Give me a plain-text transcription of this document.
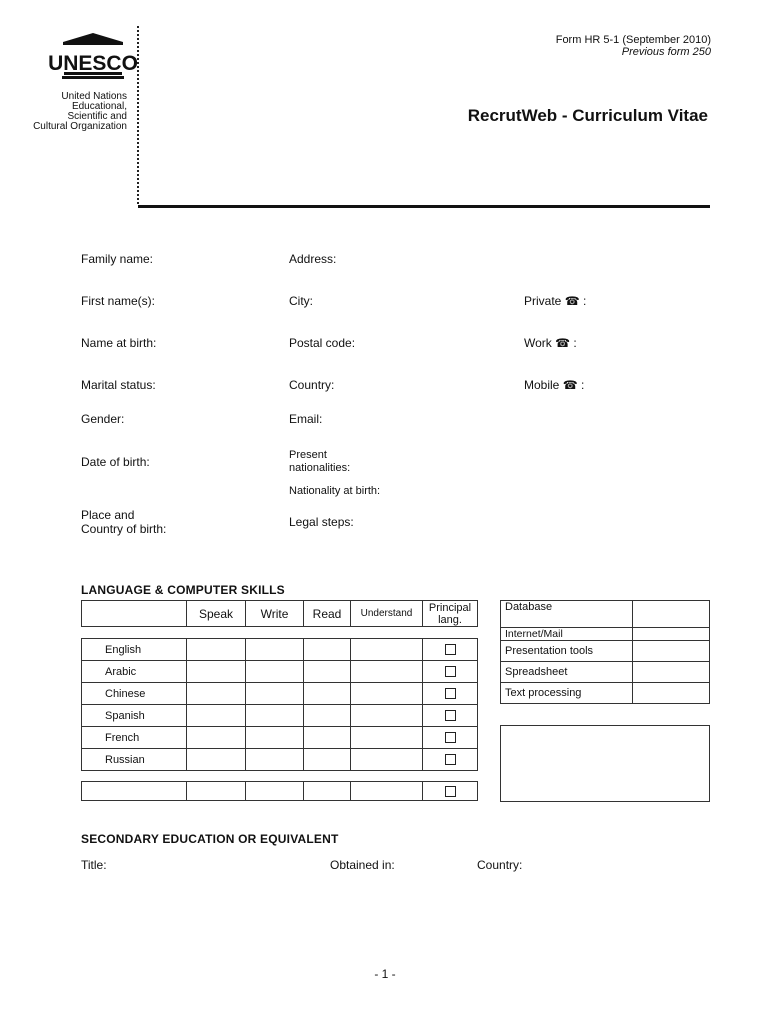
UNESCO
United Nations
Educational, Scientific and
Cultural Organization
Form HR 5-1 (September 2010)
Previous form 250
RecrutWeb - Curriculum Vitae
Family name:
First name(s):
Name at birth:
Marital status:
Gender:
Date of birth:
Place and
Country of birth:
Address:
City:
Postal code:
Country:
Email:
Present
nationalities:
Nationality at birth:
Legal steps:
Private ☎ :
Work ☎ :
Mobile ☎ :
LANGUAGE & COMPUTER SKILLS
	Speak	Write	Read	Understand	Principal
lang.
English					
Arabic					
Chinese					
Spanish					
French					
Russian					

Database	
Internet/Mail	
Presentation tools	
Spreadsheet	
Text processing	
SECONDARY EDUCATION OR EQUIVALENT
Title:	Obtained in:	Country:
- 1 -
